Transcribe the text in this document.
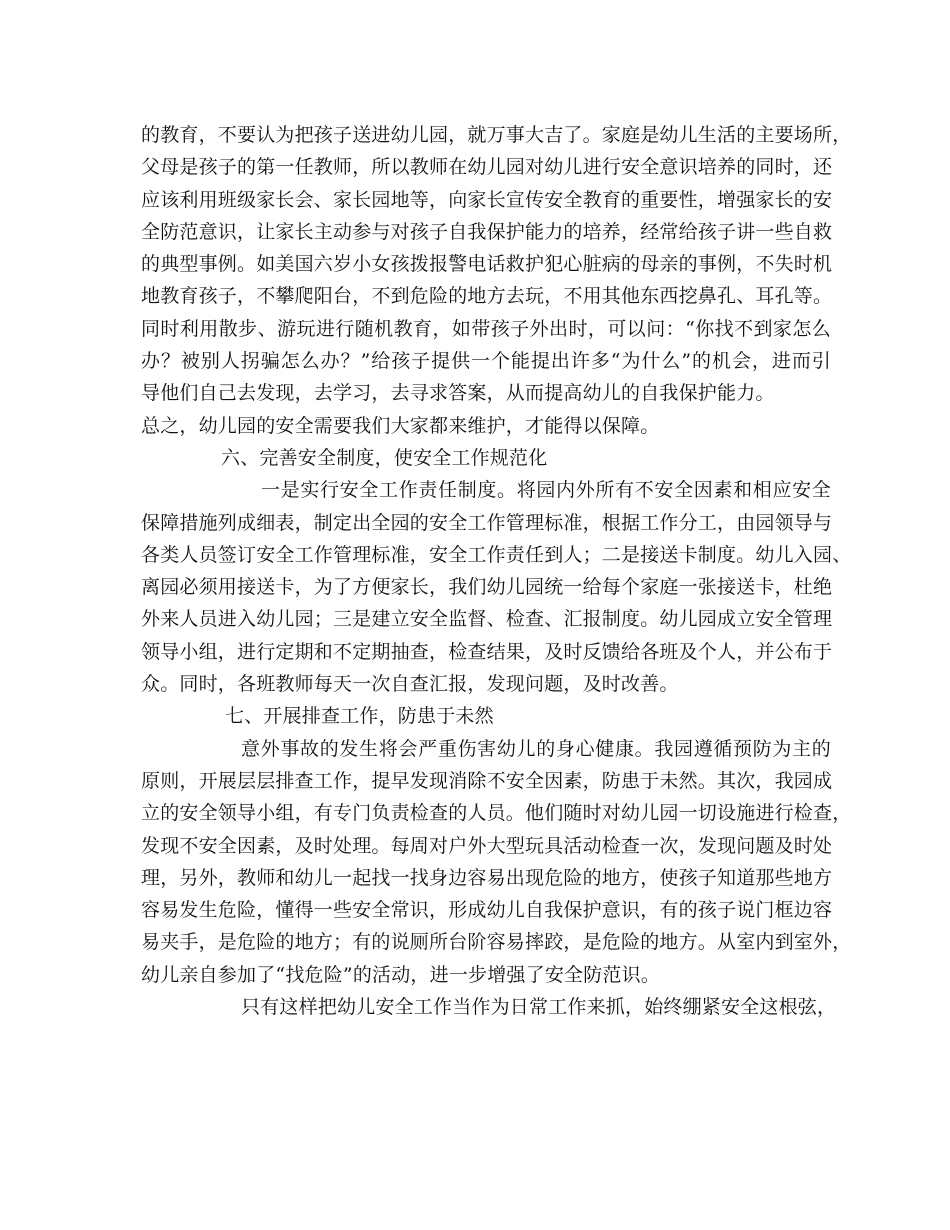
的教育，不要认为把孩子送进幼儿园，就万事大吉了。家庭是幼儿生活的主要场所，
父母是孩子的第一任教师，所以教师在幼儿园对幼儿进行安全意识培养的同时，还
应该利用班级家长会、家长园地等，向家长宣传安全教育的重要性，增强家长的安
全防范意识，让家长主动参与对孩子自我保护能力的培养，经常给孩子讲一些自救
的典型事例。如美国六岁小女孩拨报警电话救护犯心脏病的母亲的事例，不失时机
地教育孩子，不攀爬阳台，不到危险的地方去玩，不用其他东西挖鼻孔、耳孔等。
同时利用散步、游玩进行随机教育，如带孩子外出时，可以问：“你找不到家怎么
办？被别人拐骗怎么办？”给孩子提供一个能提出许多“为什么”的机会，进而引
导他们自己去发现，去学习，去寻求答案，从而提高幼儿的自我保护能力。
总之，幼儿园的安全需要我们大家都来维护，才能得以保障。
六、完善安全制度，使安全工作规范化
一是实行安全工作责任制度。将园内外所有不安全因素和相应安全
保障措施列成细表，制定出全园的安全工作管理标准，根据工作分工，由园领导与
各类人员签订安全工作管理标准，安全工作责任到人；二是接送卡制度。幼儿入园、
离园必须用接送卡，为了方便家长，我们幼儿园统一给每个家庭一张接送卡，杜绝
外来人员进入幼儿园；三是建立安全监督、检查、汇报制度。幼儿园成立安全管理
领导小组，进行定期和不定期抽查，检查结果，及时反馈给各班及个人，并公布于
众。同时，各班教师每天一次自查汇报，发现问题，及时改善。
七、开展排查工作，防患于未然
意外事故的发生将会严重伤害幼儿的身心健康。我园遵循预防为主的
原则，开展层层排查工作，提早发现消除不安全因素，防患于未然。其次，我园成
立的安全领导小组，有专门负责检查的人员。他们随时对幼儿园一切设施进行检查，
发现不安全因素，及时处理。每周对户外大型玩具活动检查一次，发现问题及时处
理，另外，教师和幼儿一起找一找身边容易出现危险的地方，使孩子知道那些地方
容易发生危险，懂得一些安全常识，形成幼儿自我保护意识，有的孩子说门框边容
易夹手，是危险的地方；有的说厕所台阶容易摔跤，是危险的地方。从室内到室外，
幼儿亲自参加了“找危险”的活动，进一步增强了安全防范识。
只有这样把幼儿安全工作当作为日常工作来抓，始终绷紧安全这根弦，
